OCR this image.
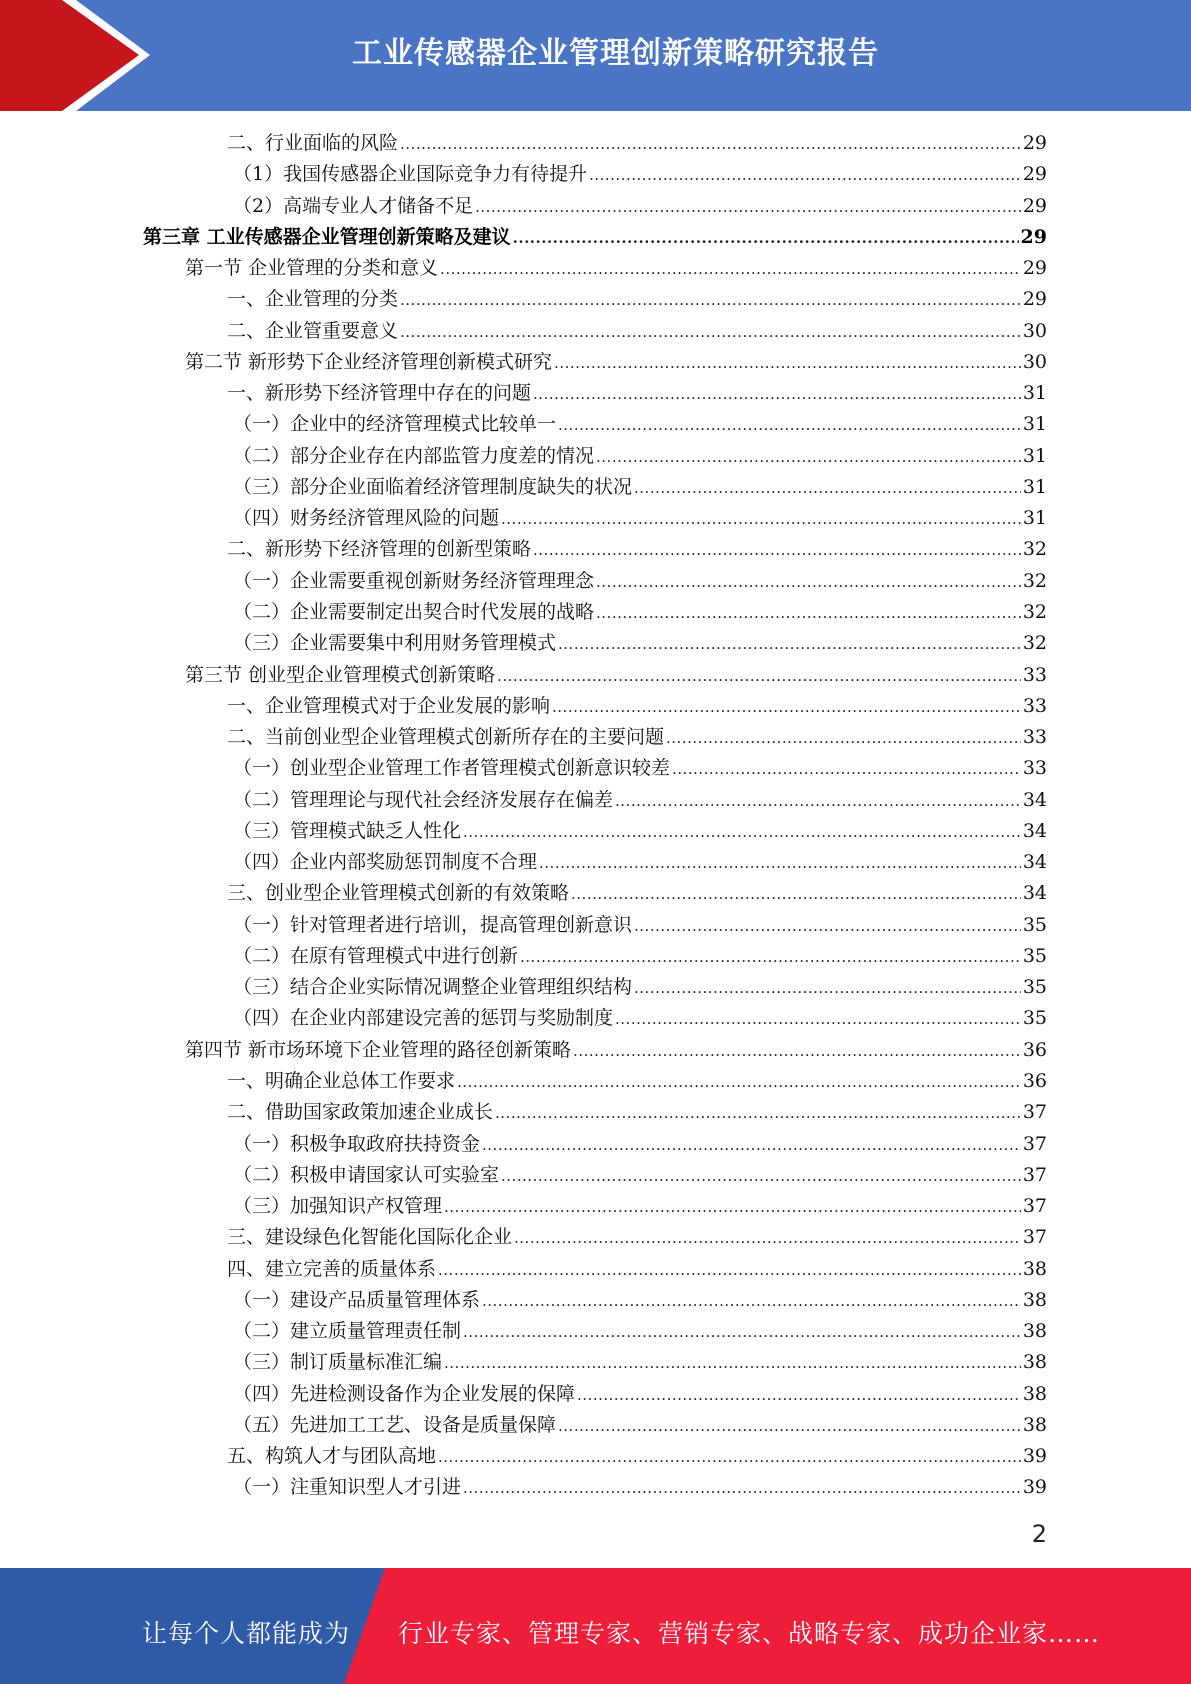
工业传感器企业管理创新策略研究报告
二、行业面临的风险 .....	29
（1）我国传感器企业国际竞争力有待提升 .....	29
（2）高端专业人才储备不足 .....	29
第三章 工业传感器企业管理创新策略及建议 .....	29
第一节 企业管理的分类和意义 .....	29
一、企业管理的分类 .....	29
二、企业管重要意义 .....	30
第二节 新形势下企业经济管理创新模式研究 .....	30
一、新形势下经济管理中存在的问题 .....	31
（一）企业中的经济管理模式比较单一 .....	31
（二）部分企业存在内部监管力度差的情况 .....	31
（三）部分企业面临着经济管理制度缺失的状况 .....	31
（四）财务经济管理风险的问题 .....	31
二、新形势下经济管理的创新型策略 .....	32
（一）企业需要重视创新财务经济管理理念 .....	32
（二）企业需要制定出契合时代发展的战略 .....	32
（三）企业需要集中利用财务管理模式 .....	32
第三节 创业型企业管理模式创新策略 .....	33
一、企业管理模式对于企业发展的影响 .....	33
二、当前创业型企业管理模式创新所存在的主要问题 .....	33
（一）创业型企业管理工作者管理模式创新意识较差 .....	33
（二）管理理论与现代社会经济发展存在偏差 .....	34
（三）管理模式缺乏人性化 .....	34
（四）企业内部奖励惩罚制度不合理 .....	34
三、创业型企业管理模式创新的有效策略 .....	34
（一）针对管理者进行培训，提高管理创新意识 .....	35
（二）在原有管理模式中进行创新 .....	35
（三）结合企业实际情况调整企业管理组织结构 .....	35
（四）在企业内部建设完善的惩罚与奖励制度 .....	35
第四节 新市场环境下企业管理的路径创新策略 .....	36
一、明确企业总体工作要求 .....	36
二、借助国家政策加速企业成长 .....	37
（一）积极争取政府扶持资金 .....	37
（二）积极申请国家认可实验室 .....	37
（三）加强知识产权管理 .....	37
三、建设绿色化智能化国际化企业 .....	37
四、建立完善的质量体系 .....	38
（一）建设产品质量管理体系 .....	38
（二）建立质量管理责任制 .....	38
（三）制订质量标准汇编 .....	38
（四）先进检测设备作为企业发展的保障 .....	38
（五）先进加工工艺、设备是质量保障 .....	38
五、构筑人才与团队高地 .....	39
（一）注重知识型人才引进 .....	39
2
让每个人都能成为 行业专家、管理专家、营销专家、战略专家、成功企业家……
